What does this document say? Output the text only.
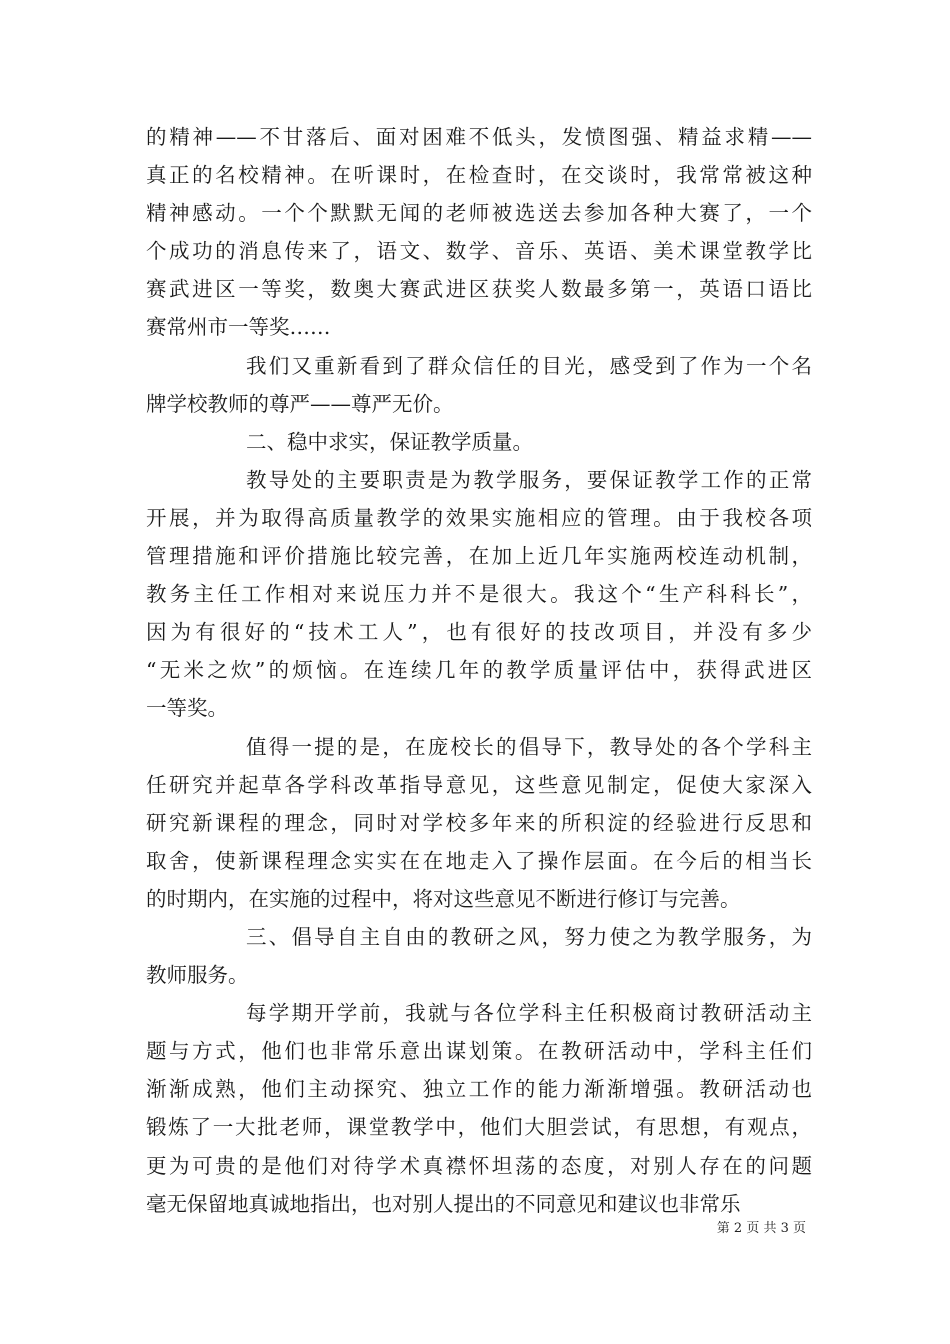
的精神——不甘落后、面对困难不低头，发愤图强、精益求精——
真正的名校精神。在听课时，在检查时，在交谈时，我常常被这种
精神感动。一个个默默无闻的老师被选送去参加各种大赛了，一个
个成功的消息传来了，语文、数学、音乐、英语、美术课堂教学比
赛武进区一等奖，数奥大赛武进区获奖人数最多第一，英语口语比
赛常州市一等奖……
我们又重新看到了群众信任的目光，感受到了作为一个名
牌学校教师的尊严——尊严无价。
二、稳中求实，保证教学质量。
教导处的主要职责是为教学服务，要保证教学工作的正常
开展，并为取得高质量教学的效果实施相应的管理。由于我校各项
管理措施和评价措施比较完善，在加上近几年实施两校连动机制，
教务主任工作相对来说压力并不是很大。我这个“生产科科长”，
因为有很好的“技术工人”，也有很好的技改项目，并没有多少
“无米之炊”的烦恼。在连续几年的教学质量评估中，获得武进区
一等奖。
值得一提的是，在庞校长的倡导下，教导处的各个学科主
任研究并起草各学科改革指导意见，这些意见制定，促使大家深入
研究新课程的理念，同时对学校多年来的所积淀的经验进行反思和
取舍，使新课程理念实实在在地走入了操作层面。在今后的相当长
的时期内，在实施的过程中，将对这些意见不断进行修订与完善。
三、倡导自主自由的教研之风，努力使之为教学服务，为
教师服务。
每学期开学前，我就与各位学科主任积极商讨教研活动主
题与方式，他们也非常乐意出谋划策。在教研活动中，学科主任们
渐渐成熟，他们主动探究、独立工作的能力渐渐增强。教研活动也
锻炼了一大批老师，课堂教学中，他们大胆尝试，有思想，有观点，
更为可贵的是他们对待学术真襟怀坦荡的态度，对别人存在的问题
毫无保留地真诚地指出，也对别人提出的不同意见和建议也非常乐
第 2 页 共 3 页
